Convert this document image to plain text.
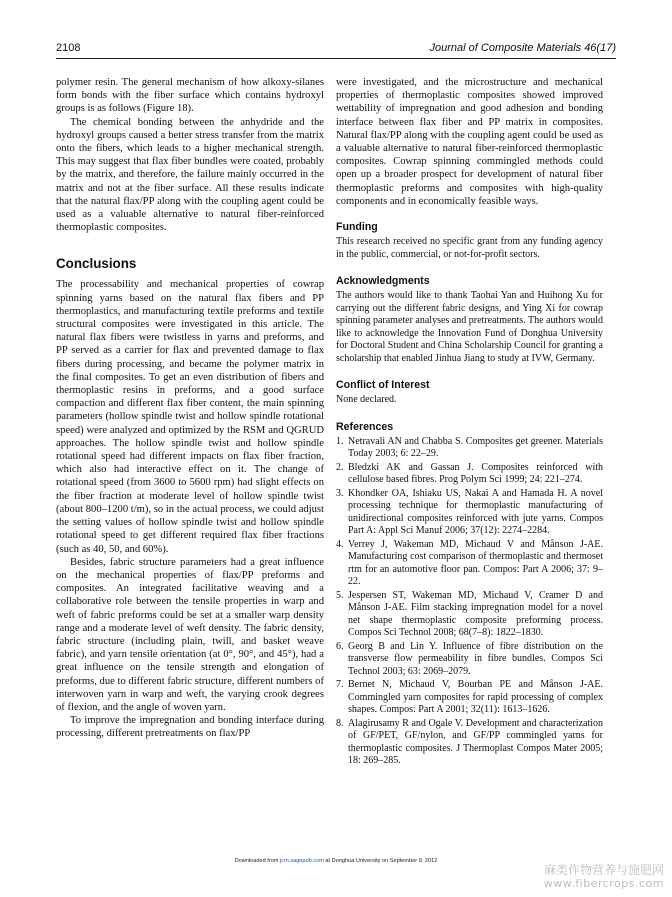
2108	Journal of Composite Materials 46(17)

polymer resin. The general mechanism of how alkoxy-silanes form bonds with the fiber surface which contains hydroxyl groups is as follows (Figure 18).

The chemical bonding between the anhydride and the hydroxyl groups caused a better stress transfer from the matrix onto the fibers, which leads to a higher mechanical strength. This may suggest that flax fiber bundles were coated, probably by the matrix, and therefore, the failure mainly occurred in the matrix and not at the fiber surface. All these results indicate that the natural flax/PP along with the coupling agent could be used as a valuable alternative to natural fiber-reinforced thermoplastic composites.

Conclusions

The processability and mechanical properties of cowrap spinning yarns based on the natural flax fibers and PP thermoplastics, and manufacturing textile preforms and textile structural composites were investigated in this article. The natural flax fibers were twistless in yarns and preforms, and PP served as a carrier for flax and prevented damage to flax fibers during processing, and became the polymer matrix in the final composites. To get an even distribution of fibers and thermoplastic resins in preforms, and a good surface compaction and different flax fiber content, the main spinning parameters (hollow spindle twist and hollow spindle rotational speed) were analyzed and optimized by the RSM and QGRUD approaches. The hollow spindle twist and hollow spindle rotational speed had different impacts on flax fiber fraction, which also had interactive effect on it. The change of rotational speed (from 3600 to 5600 rpm) had slight effects on the fiber fraction at moderate level of hollow spindle twist (about 800–1200 t/m), so in the actual process, we could adjust the setting values of hollow spindle twist and hollow spindle rotational speed to get different required flax fiber fractions (such as 40, 50, and 60%).

Besides, fabric structure parameters had a great influence on the mechanical properties of flax/PP preforms and composites. An integrated facilitative weaving and a collaborative role between the tensile properties in warp and weft of fabric preforms could be set at a smaller warp density range and a moderate level of weft density. The fabric density, fabric structure (including plain, twill, and basket weave fabric), and yarn tensile orientation (at 0°, 90°, and 45°), had a great influence on the tensile strength and elongation of preforms, due to different fabric structure, different numbers of interwoven yarn in warp and weft, the varying crook degrees of flexion, and the angle of woven yarn.

To improve the impregnation and bonding interface during processing, different pretreatments on flax/PP

were investigated, and the microstructure and mechanical properties of thermoplastic composites showed improved wettability of impregnation and good adhesion and bonding interface between flax fiber and PP matrix in composites. Natural flax/PP along with the coupling agent could be used as a valuable alternative to natural fiber-reinforced thermoplastic composites. Cowrap spinning commingled methods could open up a broader prospect for development of natural fiber thermoplastic preforms and composites with high-quality components and in economically feasible ways.

Funding

This research received no specific grant from any funding agency in the public, commercial, or not-for-profit sectors.

Acknowledgments

The authors would like to thank Taohai Yan and Huihong Xu for carrying out the different fabric designs, and Ying Xi for cowrap spinning parameter analyses and pretreatments. The authors would like to acknowledge the Innovation Fund of Donghua University for Doctoral Student and China Scholarship Council for granting a scholarship that enabled Jinhua Jiang to study at IVW, Germany.

Conflict of Interest

None declared.

References
1. Netravali AN and Chabba S. Composites get greener. Materials Today 2003; 6: 22–29.
2. Bledzki AK and Gassan J. Composites reinforced with cellulose based fibres. Prog Polym Sci 1999; 24: 221–274.
3. Khondker OA, Ishiaku US, Nakai A and Hamada H. A novel processing technique for thermoplastic manufacturing of unidirectional composites reinforced with jute yarns. Compos Part A: Appl Sci Manuf 2006; 37(12): 2274–2284.
4. Verrey J, Wakeman MD, Michaud V and Månson J-AE. Manufacturing cost comparison of thermoplastic and thermoset rtm for an automotive floor pan. Compos: Part A 2006; 37: 9–22.
5. Jespersen ST, Wakeman MD, Michaud V, Cramer D and Månson J-AE. Film stacking impregnation model for a novel net shape thermoplastic composite preforming process. Compos Sci Technol 2008; 68(7–8): 1822–1830.
6. Georg B and Lin Y. Influence of fibre distribution on the transverse flow permeability in fibre bundles. Compos Sci Technol 2003; 63: 2069–2079.
7. Bernet N, Michaud V, Bourban PE and Månson J-AE. Commingled yarn composites for rapid processing of complex shapes. Compos: Part A 2001; 32(11): 1613–1626.
8. Alagirusamy R and Ogale V. Development and characterization of GF/PET, GF/nylon, and GF/PP commingled yarns for thermoplastic composites. J Thermoplast Compos Mater 2005; 18: 269–285.
Downloaded from jcm.sagepub.com at Donghua University on September 9, 2012
麻类作物营养与施肥网
www.fibercrops.com
